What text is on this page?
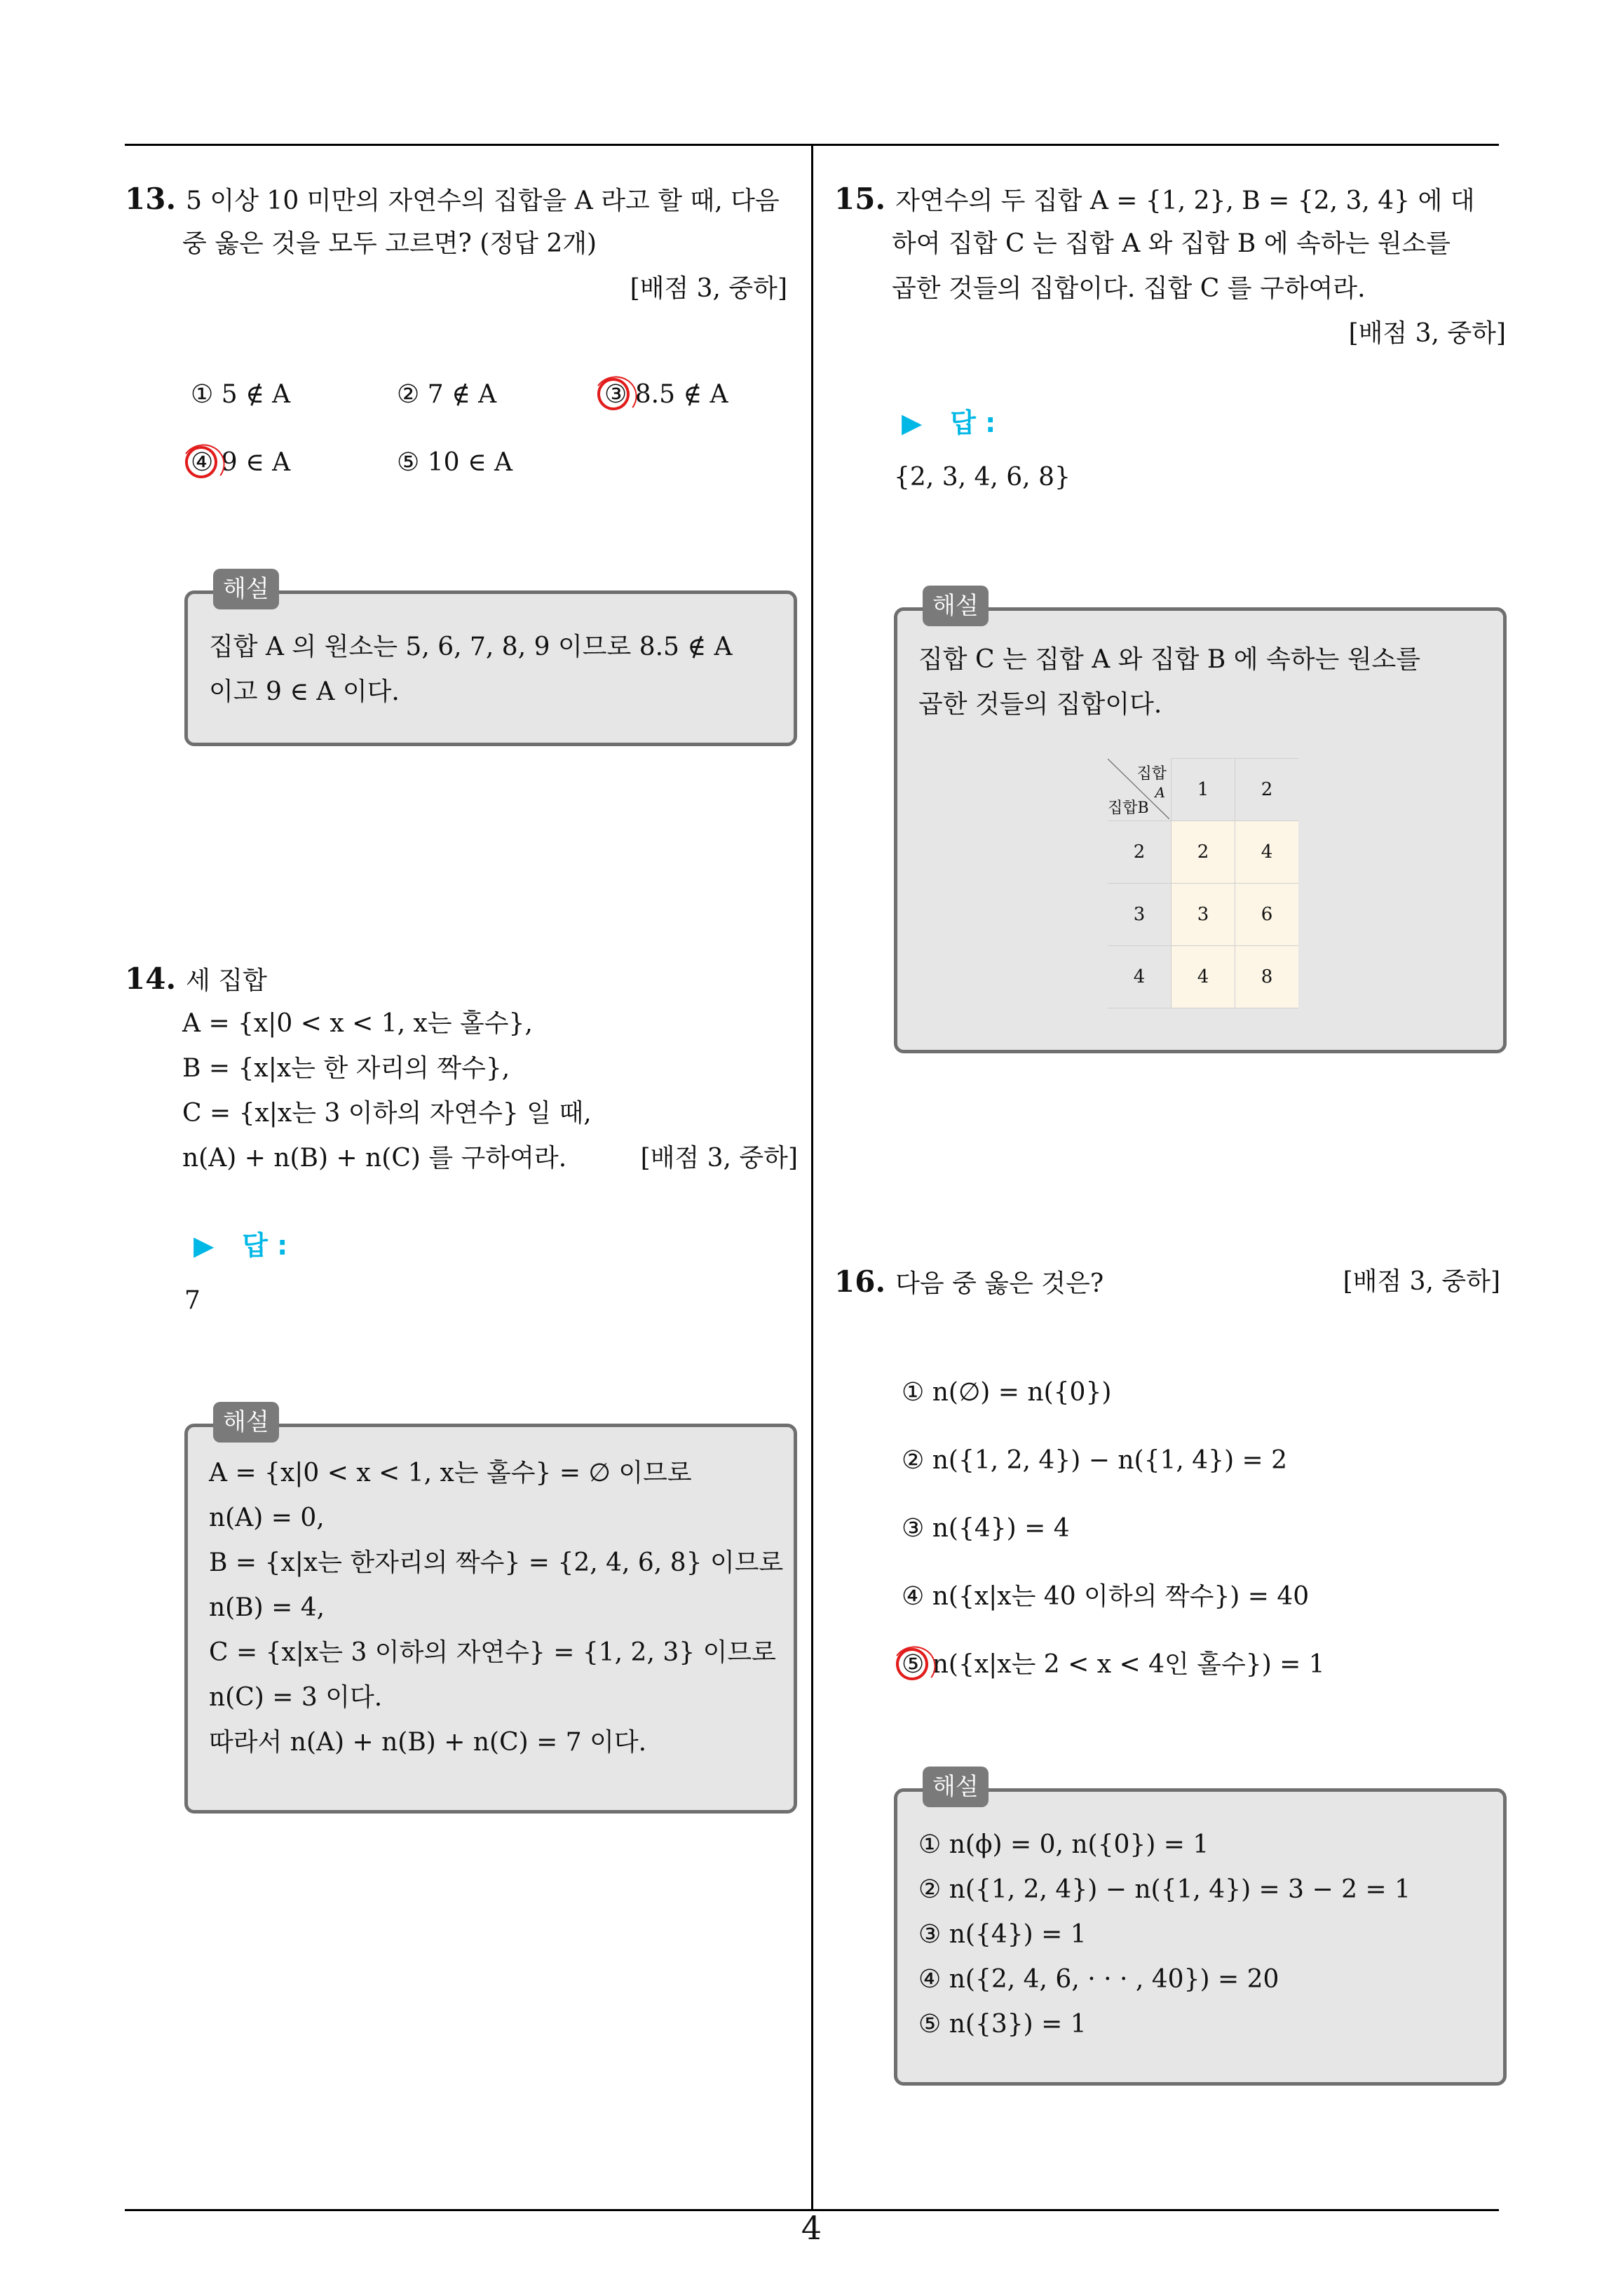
13. 5 이상 10 미만의 자연수의 집합을 A 라고 할 때, 다음
중 옳은 것을 모두 고르면? (정답 2개)
[배점 3, 중하]
① 5 ∉ A	② 7 ∉ A	③ 8.5 ∉ A
④ 9 ∈ A	⑤ 10 ∈ A
해설
집합 A 의 원소는 5, 6, 7, 8, 9 이므로 8.5 ∉ A
이고 9 ∈ A 이다.
14. 세 집합
A = {x|0 < x < 1, x는 홀수},
B = {x|x는 한 자리의 짝수},
C = {x|x는 3 이하의 자연수} 일 때,
n(A) + n(B) + n(C) 를 구하여라.	[배점 3, 중하]
▶ 답 :
7
해설
A = {x|0 < x < 1, x는 홀수} = ∅ 이므로
n(A) = 0,
B = {x|x는 한자리의 짝수} = {2, 4, 6, 8} 이므로
n(B) = 4,
C = {x|x는 3 이하의 자연수} = {1, 2, 3} 이므로
n(C) = 3 이다.
따라서 n(A) + n(B) + n(C) = 7 이다.
15. 자연수의 두 집합 A = {1, 2}, B = {2, 3, 4} 에 대
하여 집합 C 는 집합 A 와 집합 B 에 속하는 원소를
곱한 것들의 집합이다. 집합 C 를 구하여라.
[배점 3, 중하]
▶ 답 :
{2, 3, 4, 6, 8}
해설
집합 C 는 집합 A 와 집합 B 에 속하는 원소를
곱한 것들의 집합이다.
집합
A
집합B	1	2
2	2	4
3	3	6
4	4	8
16. 다음 중 옳은 것은?	[배점 3, 중하]
① n(∅) = n({0})
② n({1, 2, 4}) − n({1, 4}) = 2
③ n({4}) = 4
④ n({x|x는 40 이하의 짝수}) = 40
⑤ n({x|x는 2 < x < 4인 홀수}) = 1
해설
① n(ϕ) = 0, n({0}) = 1
② n({1, 2, 4}) − n({1, 4}) = 3 − 2 = 1
③ n({4}) = 1
④ n({2, 4, 6, · · · , 40}) = 20
⑤ n({3}) = 1
4
